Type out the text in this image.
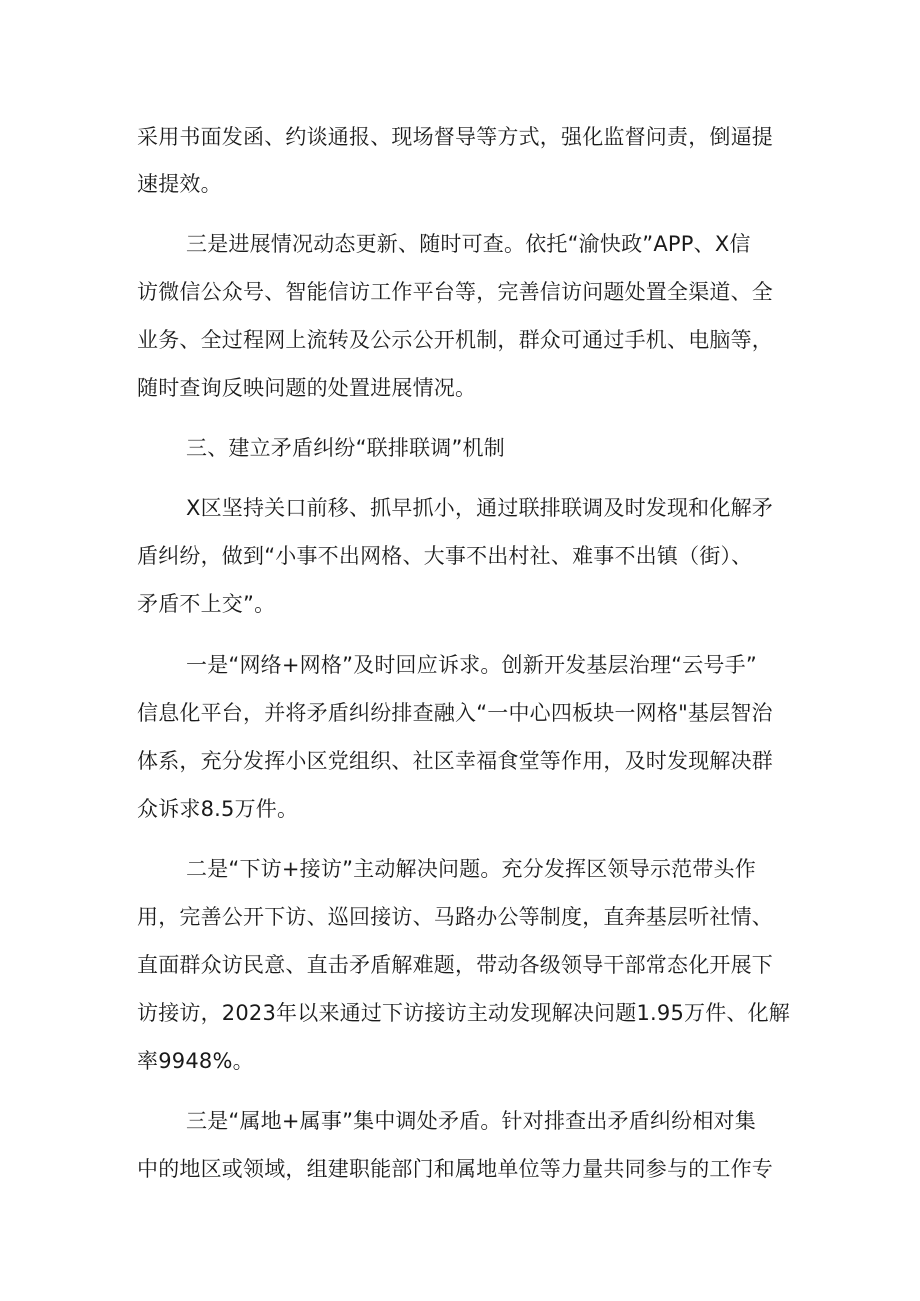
采用书面发函、约谈通报、现场督导等方式，强化监督问责，倒逼提
速提效。
三是进展情况动态更新、随时可查。依托“渝快政”APP、X信
访微信公众号、智能信访工作平台等，完善信访问题处置全渠道、全
业务、全过程网上流转及公示公开机制，群众可通过手机、电脑等，
随时查询反映问题的处置进展情况。
三、建立矛盾纠纷“联排联调”机制
X区坚持关口前移、抓早抓小，通过联排联调及时发现和化解矛
盾纠纷，做到“小事不出网格、大事不出村社、难事不出镇（街）、
矛盾不上交”。
一是“网络+网格”及时回应诉求。创新开发基层治理“云号手”
信息化平台，并将矛盾纠纷排查融入“一中心四板块一网格"基层智治
体系，充分发挥小区党组织、社区幸福食堂等作用，及时发现解决群
众诉求8.5万件。
二是“下访+接访”主动解决问题。充分发挥区领导示范带头作
用，完善公开下访、巡回接访、马路办公等制度，直奔基层听社情、
直面群众访民意、直击矛盾解难题，带动各级领导干部常态化开展下
访接访，2023年以来通过下访接访主动发现解决问题1.95万件、化解
率9948%。
三是“属地+属事”集中调处矛盾。针对排查出矛盾纠纷相对集
中的地区或领域，组建职能部门和属地单位等力量共同参与的工作专
